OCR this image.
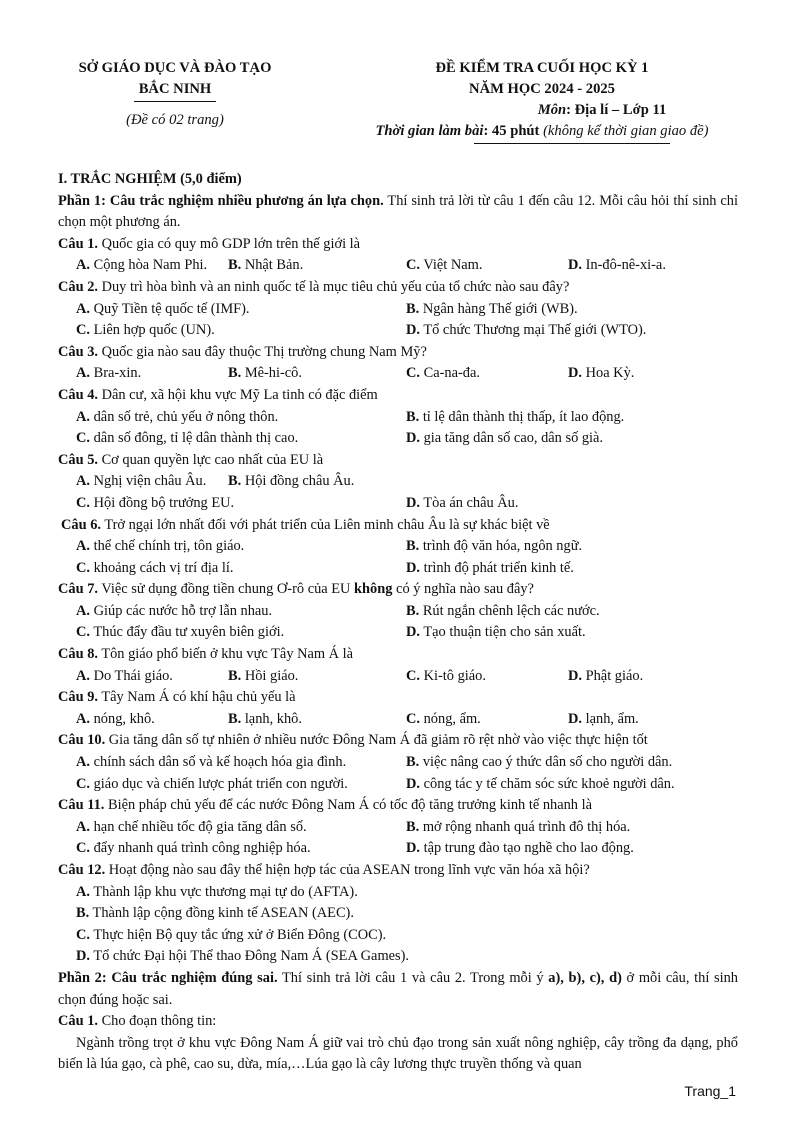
SỞ GIÁO DỤC VÀ ĐÀO TẠO
BẮC NINH
(Đề có 02 trang)
ĐỀ KIỂM TRA CUỐI HỌC KỲ 1
NĂM HỌC 2024 - 2025
Môn: Địa lí – Lớp 11
Thời gian làm bài: 45 phút (không kể thời gian giao đề)
I. TRẮC NGHIỆM (5,0 điểm)
Phần 1: Câu trắc nghiệm nhiều phương án lựa chọn. Thí sinh trả lời từ câu 1 đến câu 12. Mỗi câu hỏi thí sinh chỉ chọn một phương án.
Câu 1. Quốc gia có quy mô GDP lớn trên thế giới là
A. Cộng hòa Nam Phi. B. Nhật Bản.	C. Việt Nam.	D. In-đô-nê-xi-a.
Câu 2. Duy trì hòa bình và an ninh quốc tế là mục tiêu chủ yếu của tổ chức nào sau đây?
A. Quỹ Tiền tệ quốc tế (IMF).	B. Ngân hàng Thế giới (WB).
C. Liên hợp quốc (UN).	D. Tổ chức Thương mại Thế giới (WTO).
Câu 3. Quốc gia nào sau đây thuộc Thị trường chung Nam Mỹ?
A. Bra-xin.	B. Mê-hi-cô.	C. Ca-na-đa.	D. Hoa Kỳ.
Câu 4. Dân cư, xã hội khu vực Mỹ La tinh có đặc điểm
A. dân số trẻ, chủ yếu ở nông thôn.	B. tỉ lệ dân thành thị thấp, ít lao động.
C. dân số đông, tỉ lệ dân thành thị cao.	D. gia tăng dân số cao, dân số già.
Câu 5. Cơ quan quyền lực cao nhất của EU là
A. Nghị viện châu Âu. B. Hội đồng châu Âu.
C. Hội đồng bộ trưởng EU.	D. Tòa án châu Âu.
Câu 6. Trở ngại lớn nhất đối với phát triển của Liên minh châu Âu là sự khác biệt về
A. thể chế chính trị, tôn giáo.	B. trình độ văn hóa, ngôn ngữ.
C. khoảng cách vị trí địa lí.	D. trình độ phát triển kinh tế.
Câu 7. Việc sử dụng đồng tiền chung Ơ-rô của EU không có ý nghĩa nào sau đây?
A. Giúp các nước hỗ trợ lẫn nhau.	B. Rút ngắn chênh lệch các nước.
C. Thúc đẩy đầu tư xuyên biên giới.	D. Tạo thuận tiện cho sản xuất.
Câu 8. Tôn giáo phổ biến ở khu vực Tây Nam Á là
A. Do Thái giáo.	B. Hồi giáo.	C. Ki-tô giáo.	D. Phật giáo.
Câu 9. Tây Nam Á có khí hậu chủ yếu là
A. nóng, khô.	B. lạnh, khô.	C. nóng, ẩm.	D. lạnh, ẩm.
Câu 10. Gia tăng dân số tự nhiên ở nhiều nước Đông Nam Á đã giảm rõ rệt nhờ vào việc thực hiện tốt
A. chính sách dân số và kế hoạch hóa gia đình.	B. việc nâng cao ý thức dân số cho người dân.
C. giáo dục và chiến lược phát triển con người.	D. công tác y tế chăm sóc sức khoẻ người dân.
Câu 11. Biện pháp chủ yếu để các nước Đông Nam Á có tốc độ tăng trưởng kinh tế nhanh là
A. hạn chế nhiều tốc độ gia tăng dân số.	B. mở rộng nhanh quá trình đô thị hóa.
C. đẩy nhanh quá trình công nghiệp hóa.	D. tập trung đào tạo nghề cho lao động.
Câu 12. Hoạt động nào sau đây thể hiện hợp tác của ASEAN trong lĩnh vực văn hóa xã hội?
A. Thành lập khu vực thương mại tự do (AFTA).
B. Thành lập cộng đồng kinh tế ASEAN (AEC).
C. Thực hiện Bộ quy tắc ứng xử ở Biển Đông (COC).
D. Tổ chức Đại hội Thể thao Đông Nam Á (SEA Games).
Phần 2: Câu trắc nghiệm đúng sai. Thí sinh trả lời câu 1 và câu 2. Trong mỗi ý a), b), c), d) ở mỗi câu, thí sinh chọn đúng hoặc sai.
Câu 1. Cho đoạn thông tin:
Ngành trồng trọt ở khu vực Đông Nam Á giữ vai trò chủ đạo trong sản xuất nông nghiệp, cây trồng đa dạng, phổ biến là lúa gạo, cà phê, cao su, dừa, mía,…Lúa gạo là cây lương thực truyền thống và quan
Trang_1
